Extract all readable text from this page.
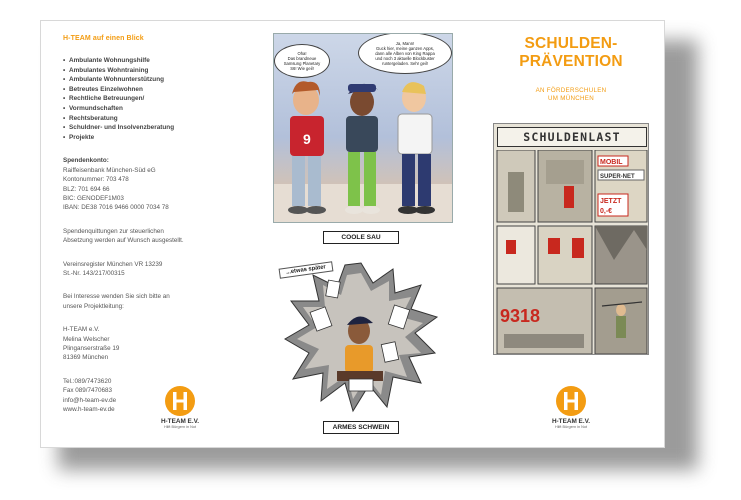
H-TEAM auf einen Blick
• Ambulante Wohnungshilfe
• Ambulantes Wohntraining
• Ambulante Wohnunterstützung
• Betreutes Einzelwohnen
• Rechtliche Betreuungen/
• Vormundschaften
• Rechtsberatung
• Schuldner- und Insolvenzberatung
• Projekte
Spendenkonto:
Raiffeisenbank München-Süd eG
Kontonummer: 703 478
BLZ: 701 694 66
BIC: GENODEF1M03
IBAN: DE38 7016 9466 0000 7034 78
Spendenquittungen zur steuerlichen
Absetzung werden auf Wunsch ausgestellt.
Vereinsregister München VR 13239
St.-Nr. 143/217/00315
Bei Interesse wenden Sie sich bitte an
unsere Projektleitung:
H-TEAM e.V.
Melina Welscher
Plinganserstraße 19
81369 München
Tel.:089/7473620
Fax 089/7470683
info@h-team-ev.de
www.h-team-ev.de
H-TEAM E.V.
Hilft Bürgern in Not
9
Oha!
Das brandneue
Samsung Planetary
S6! Wie geil!
Ja, Mann!
Guck hier, meine ganzen Apps,
dann alle Alben von King Rappa
und noch 3 aktuelle Blockbuster
runtergeladen. Sehr geil!
COOLE SAU
...etwas später
ARMES SCHWEIN
SCHULDEN-
PRÄVENTION
AN FÖRDERSCHULEN
UM MÜNCHEN
SCHULDENLAST
MOBIL
SUPER-NET
JETZT
0,-€
9318
H-TEAM E.V.
Hilft Bürgern in Not
